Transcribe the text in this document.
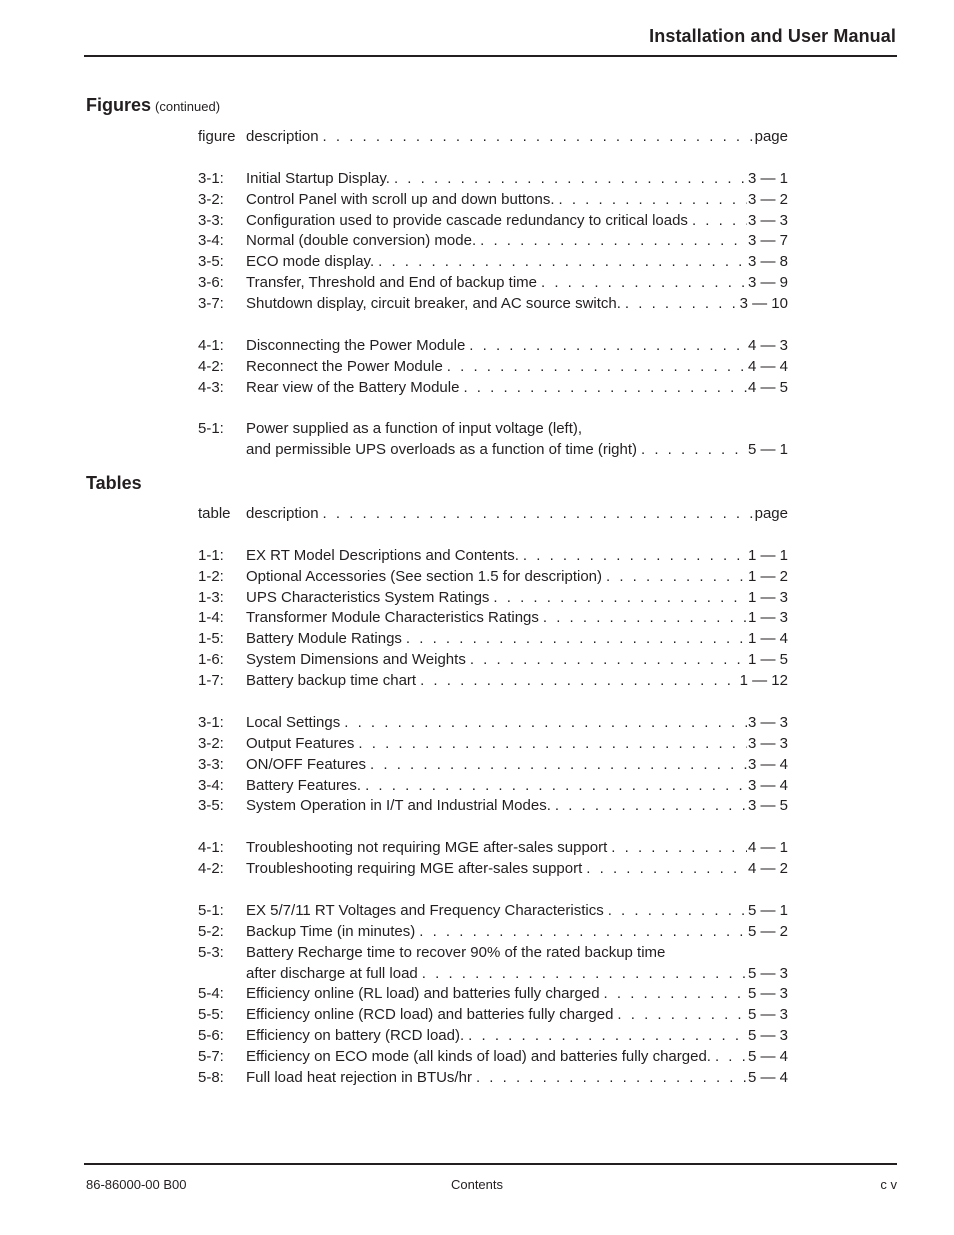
Installation and User Manual
Figures (continued)
figure description . . .	page
3-1:	Initial Startup Display. . . .	3 — 1
3-2:	Control Panel with scroll up and down buttons. . . .	3 — 2
3-3:	Configuration used to provide cascade redundancy to critical loads . . .	3 — 3
3-4:	Normal (double conversion) mode. . . .	3 — 7
3-5:	ECO mode display. . . .	3 — 8
3-6:	Transfer, Threshold and End of backup time . . .	3 — 9
3-7:	Shutdown display, circuit breaker, and AC source switch. . . .	3 — 10
4-1:	Disconnecting the Power Module . . .	4 — 3
4-2:	Reconnect the Power Module . . .	4 — 4
4-3:	Rear view of the Battery Module . . .	4 — 5
5-1:	Power supplied as a function of input voltage (left),
and permissible UPS overloads as a function of time (right) . . .	5 — 1
Tables
table	description . . .	page
1-1:	EX RT Model Descriptions and Contents. . . .	1 — 1
1-2:	Optional Accessories (See section 1.5 for description) . . .	1 — 2
1-3:	UPS Characteristics System Ratings . . .	1 — 3
1-4:	Transformer Module Characteristics Ratings . . .	1 — 3
1-5:	Battery Module Ratings . . .	1 — 4
1-6:	System Dimensions and Weights . . .	1 — 5
1-7:	Battery backup time chart . . .	1 — 12
3-1:	Local Settings . . .	3 — 3
3-2:	Output Features . . .	3 — 3
3-3:	ON/OFF Features . . .	3 — 4
3-4:	Battery Features. . . .	3 — 4
3-5:	System Operation in I/T and Industrial Modes. . . .	3 — 5
4-1:	Troubleshooting not requiring MGE after-sales support . . .	4 — 1
4-2:	Troubleshooting requiring MGE after-sales support . . .	4 — 2
5-1:	EX 5/7/11 RT Voltages and Frequency Characteristics . . .	5 — 1
5-2:	Backup Time (in minutes) . . .	5 — 2
5-3:	Battery Recharge time to recover 90% of the rated backup time
after discharge at full load . . .	5 — 3
5-4:	Efficiency online (RL load) and batteries fully charged . . .	5 — 3
5-5:	Efficiency online (RCD load) and batteries fully charged . . .	5 — 3
5-6:	Efficiency on battery (RCD load). . . .	5 — 3
5-7:	Efficiency on ECO mode (all kinds of load) and batteries fully charged. . . . 5 — 4
5-8:	Full load heat rejection in BTUs/hr . . .	5 — 4
86-86000-00 B00	Contents	c v
